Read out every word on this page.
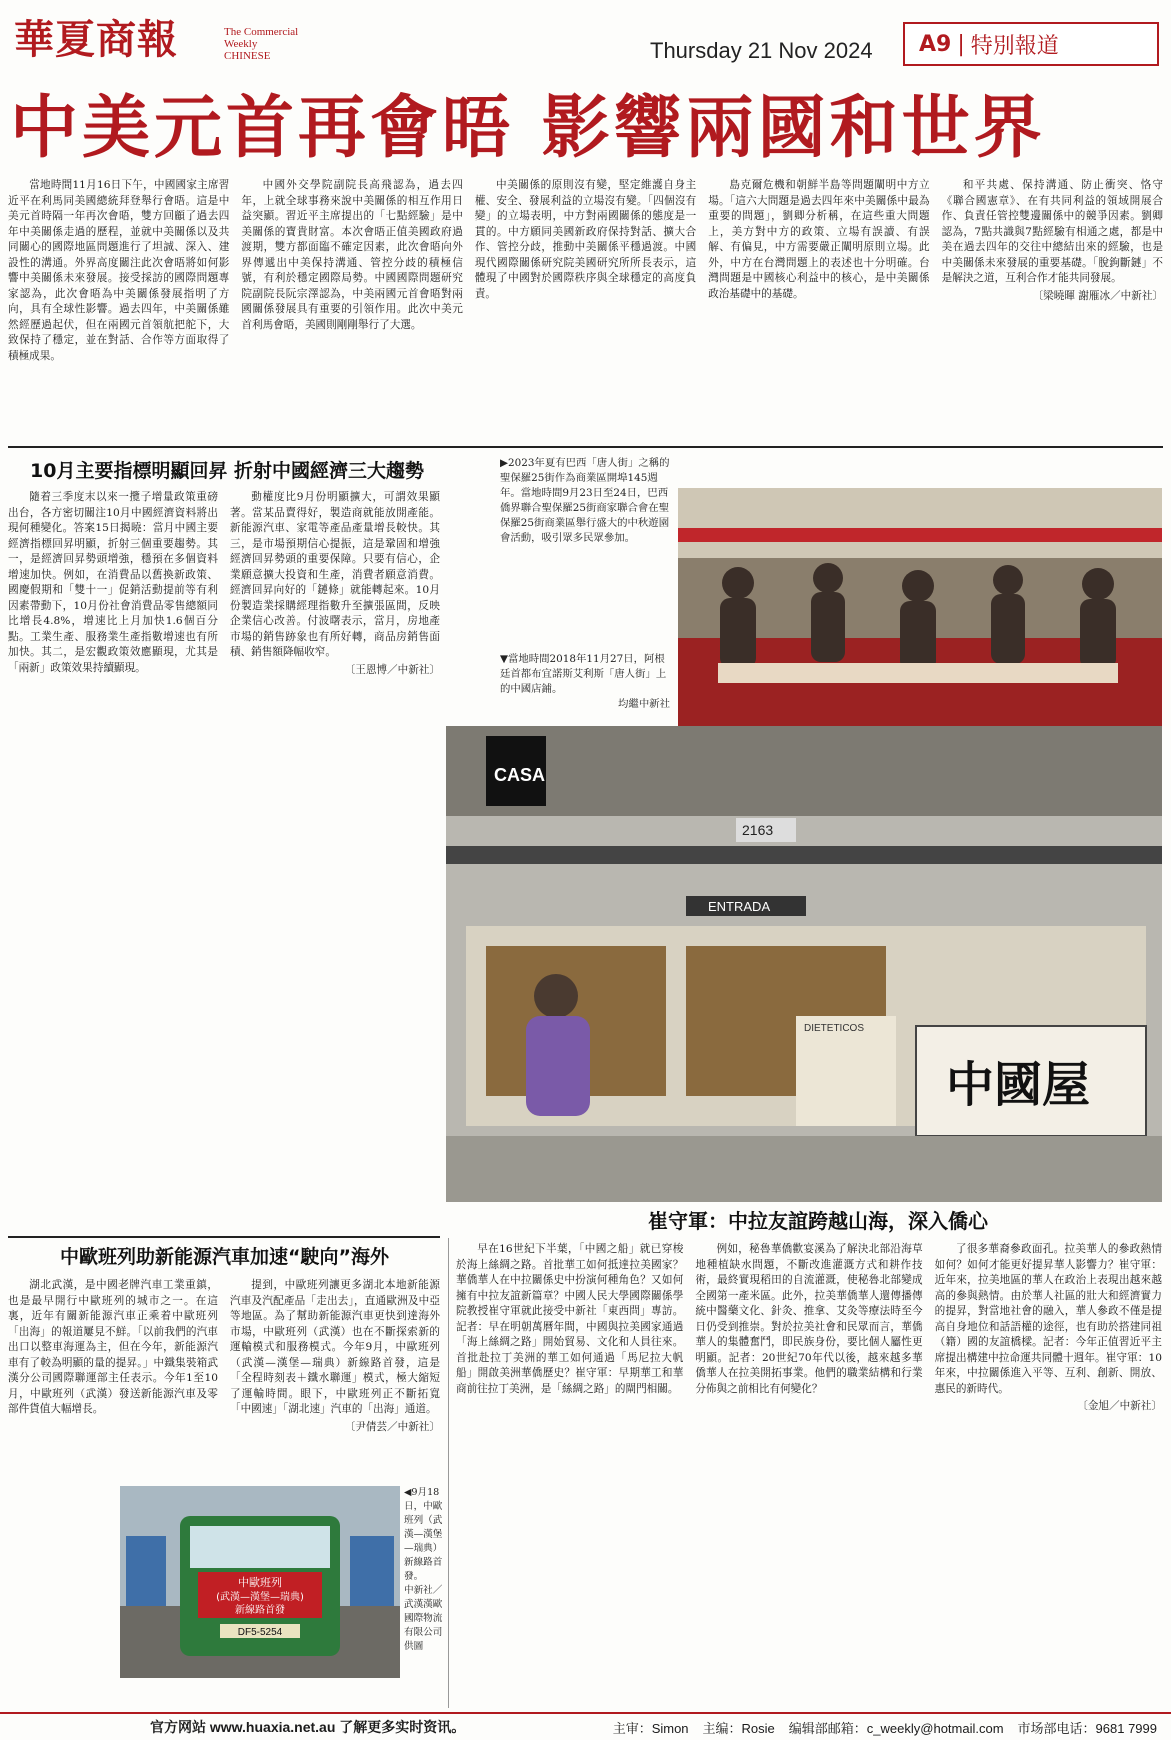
華夏商報	The Commercial
Weekly
CHINESE	Thursday 21 Nov 2024 A9 | 特別報道
中美元首再會晤 影響兩國和世界

當地時間11月16日下午，中國國家主席習近平在利馬同美國總統拜登舉行會晤。這是中美元首時隔一年再次會晤，雙方回顧了過去四年中美關係走過的歷程，並就中美關係以及共同關心的國際地區問題進行了坦誠、深入、建設性的溝通。外界高度關注此次會晤將如何影響中美關係未來發展。接受採訪的國際問題專家認為，此次會晤為中美關係發展指明了方向，具有全球性影響。過去四年，中美關係雖然經歷過起伏，但在兩國元首領航把舵下，大致保持了穩定，並在對話、合作等方面取得了積極成果。

中國外交學院副院長高飛認為，過去四年，上就全球事務來說中美關係的相互作用日益突顯。習近平主席提出的「七點經驗」是中美關係的寶貴財富。本次會晤正值美國政府過渡期，雙方都面臨不確定因素，此次會晤向外界傳遞出中美保持溝通、管控分歧的積極信號，有利於穩定國際局勢。中國國際問題研究院副院長阮宗澤認為，中美兩國元首會晤對兩國關係發展具有重要的引領作用。此次中美元首利馬會晤，美國則剛剛舉行了大選。

中美關係的原則沒有變，堅定維護自身主權、安全、發展利益的立場沒有變。「四個沒有變」的立場表明，中方對兩國關係的態度是一貫的。中方願同美國新政府保持對話、擴大合作、管控分歧，推動中美關係平穩過渡。中國現代國際關係研究院美國研究所所長表示，這體現了中國對於國際秩序與全球穩定的高度負責。

島克爾危機和朝鮮半島等問題闡明中方立場。「這六大問題是過去四年來中美關係中最為重要的問題」，劉卿分析稱，在這些重大問題上，美方對中方的政策、立場有誤讀、有誤解、有偏見，中方需要嚴正闡明原則立場。此外，中方在台灣問題上的表述也十分明確。台灣問題是中國核心利益中的核心，是中美關係政治基礎中的基礎。

和平共處、保持溝通、防止衝突、恪守《聯合國憲章》、在有共同利益的領域開展合作、負責任管控雙邊關係中的競爭因素。劉卿認為，7點共識與7點經驗有相通之處，都是中美在過去四年的交往中總結出來的經驗，也是中美關係未來發展的重要基礎。「脫鉤斷鏈」不是解決之道，互利合作才能共同發展。

〔梁曉暉 謝雁冰／中新社〕
10月主要指標明顯回昇 折射中國經濟三大趨勢

隨着三季度末以來一攬子增量政策重磅出台，各方密切關注10月中國經濟資料將出現何種變化。答案15日揭曉：當月中國主要經濟指標回昇明顯，折射三個重要趨勢。其一，是經濟回昇勢頭增強，穩預在多個資料增速加快。例如，在消費品以舊換新政策、國慶假期和「雙十一」促銷活動提前等有利因素帶動下，10月份社會消費品零售總額同比增長4.8%，增速比上月加快1.6個百分點。工業生產、服務業生產指數增速也有所加快。其二，是宏觀政策效應顯現，尤其是「兩新」政策效果持續顯現。

動權度比9月份明顯擴大，可謂效果顯著。當某品賣得好，製造商就能放開產能。新能源汽車、家電等產品產量增長較快。其三，是市場預期信心提振，這是鞏固和增強經濟回昇勢頭的重要保障。只要有信心，企業願意擴大投資和生產，消費者願意消費。經濟回昇向好的「鏈條」就能轉起來。10月份製造業採購經理指數升至擴張區間，反映企業信心改善。付波曙表示，當月，房地產市場的銷售跡象也有所好轉，商品房銷售面積、銷售額降幅收窄。

〔王恩博／中新社〕
▶2023年夏有巴西「唐人街」之稱的聖保羅25街作為商業區開埠145週年。當地時間9月23日至24日，巴西僑界聯合聖保羅25街商家聯合會在聖保羅25街商業區舉行盛大的中秋遊園會活動，吸引眾多民眾參加。
▼當地時間2018年11月27日，阿根廷首都布宜諾斯艾利斯「唐人街」上的中國店鋪。
均繼中新社
CASA
2163
ENTRADA
中國屋
DIETETICOS
崔守軍：中拉友誼跨越山海，深入僑心
中歐班列助新能源汽車加速“駛向”海外

湖北武漢，是中國老牌汽車工業重鎮，也是最早開行中歐班列的城市之一。在這裏，近年有關新能源汽車正乘着中歐班列「出海」的報道屢見不鮮。「以前我們的汽車出口以整車海運為主，但在今年，新能源汽車有了較為明顯的量的提昇。」中鐵集裝箱武漢分公司國際聯運部主任表示。今年1至10月，中歐班列（武漢）發送新能源汽車及零部件貨值大幅增長。

提到，中歐班列讓更多湖北本地新能源汽車及汽配產品「走出去」，直通歐洲及中亞等地區。為了幫助新能源汽車更快到達海外市場，中歐班列（武漢）也在不斷探索新的運輸模式和服務模式。今年9月，中歐班列（武漢—漢堡—瑞典）新線路首發，這是「全程時刻表＋鐵水聯運」模式，極大縮短了運輸時間。眼下，中歐班列正不斷拓寬「中國速」「湖北速」汽車的「出海」通道。

〔尹倩芸／中新社〕
中歐班列
(武漢—漢堡—瑞典)
新線路首發
DF5-5254
◀9月18日，中歐班列（武漢—漢堡—瑞典）新線路首發。
中新社／武漢漢歐國際物流有限公司供圖

早在16世紀下半葉，「中國之船」就已穿梭於海上絲綢之路。首批華工如何抵達拉美國家？華僑華人在中拉關係史中扮演何種角色？又如何擁有中拉友誼新篇章？中國人民大學國際關係學院教授崔守軍就此接受中新社「東西問」專訪。記者：早在明朝萬曆年間，中國與拉美國家通過「海上絲綢之路」開始貿易、文化和人員往來。首批赴拉丁美洲的華工如何通過「馬尼拉大帆船」開啟美洲華僑歷史？崔守軍：早期華工和華商前往拉丁美洲，是「絲綢之路」的閘門相關。

例如，秘魯華僑歡宴溪為了解決北部沿海草地種植缺水問題，不斷改進灌溉方式和耕作技術，最終實現稻田的自流灌溉，使秘魯北部變成全國第一產米區。此外，拉美華僑華人還傳播傳統中醫藥文化、針灸、推拿、艾灸等療法時至今日仍受到推崇。對於拉美社會和民眾而言，華僑華人的集體奮鬥，即民族身份，要比個人屬性更明顯。記者：20世紀70年代以後，越來越多華僑華人在拉美開拓事業。他們的職業結構和行業分佈與之前相比有何變化？

了很多華裔參政面孔。拉美華人的參政熱情如何？如何才能更好提昇華人影響力？崔守軍：近年來，拉美地區的華人在政治上表現出越來越高的參與熱情。由於華人社區的壯大和經濟實力的提昇，對當地社會的融入，華人參政不僅是提高自身地位和話語權的途徑，也有助於搭建同祖（籍）國的友誼橋樑。記者：今年正值習近平主席提出構建中拉命運共同體十週年。崔守軍：10年來，中拉關係進入平等、互利、創新、開放、惠民的新時代。

〔金旭／中新社〕
官方网站 www.huaxia.net.au 了解更多实时资讯。	主审：Simon 主编：Rosie 编辑部邮箱：c_weekly@hotmail.com 市场部电话：9681 7999
